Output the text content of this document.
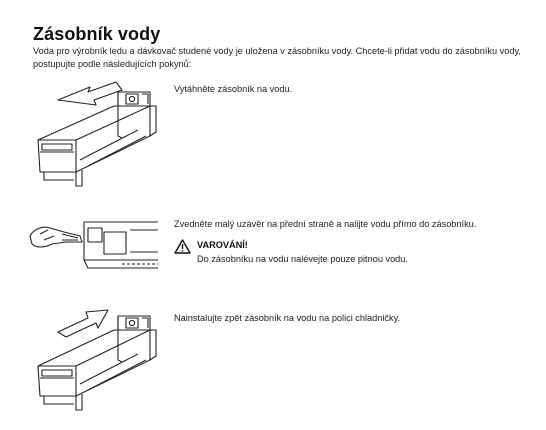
Zásobník vody
Voda pro výrobník ledu a dávkovač studené vody je uložena v zásobníku vody. Chcete-li přidat vodu do zásobníku vody, postupujte podle následujících pokynů:
Vytáhněte zásobník na vodu.
Zvedněte malý uzávěr na přední straně a nalijte vodu přímo do zásobníku.
VAROVÁNÍ!
Do zásobníku na vodu nalévejte pouze pitnou vodu.
Nainstalujte zpět zásobník na vodu na polici chladničky.
